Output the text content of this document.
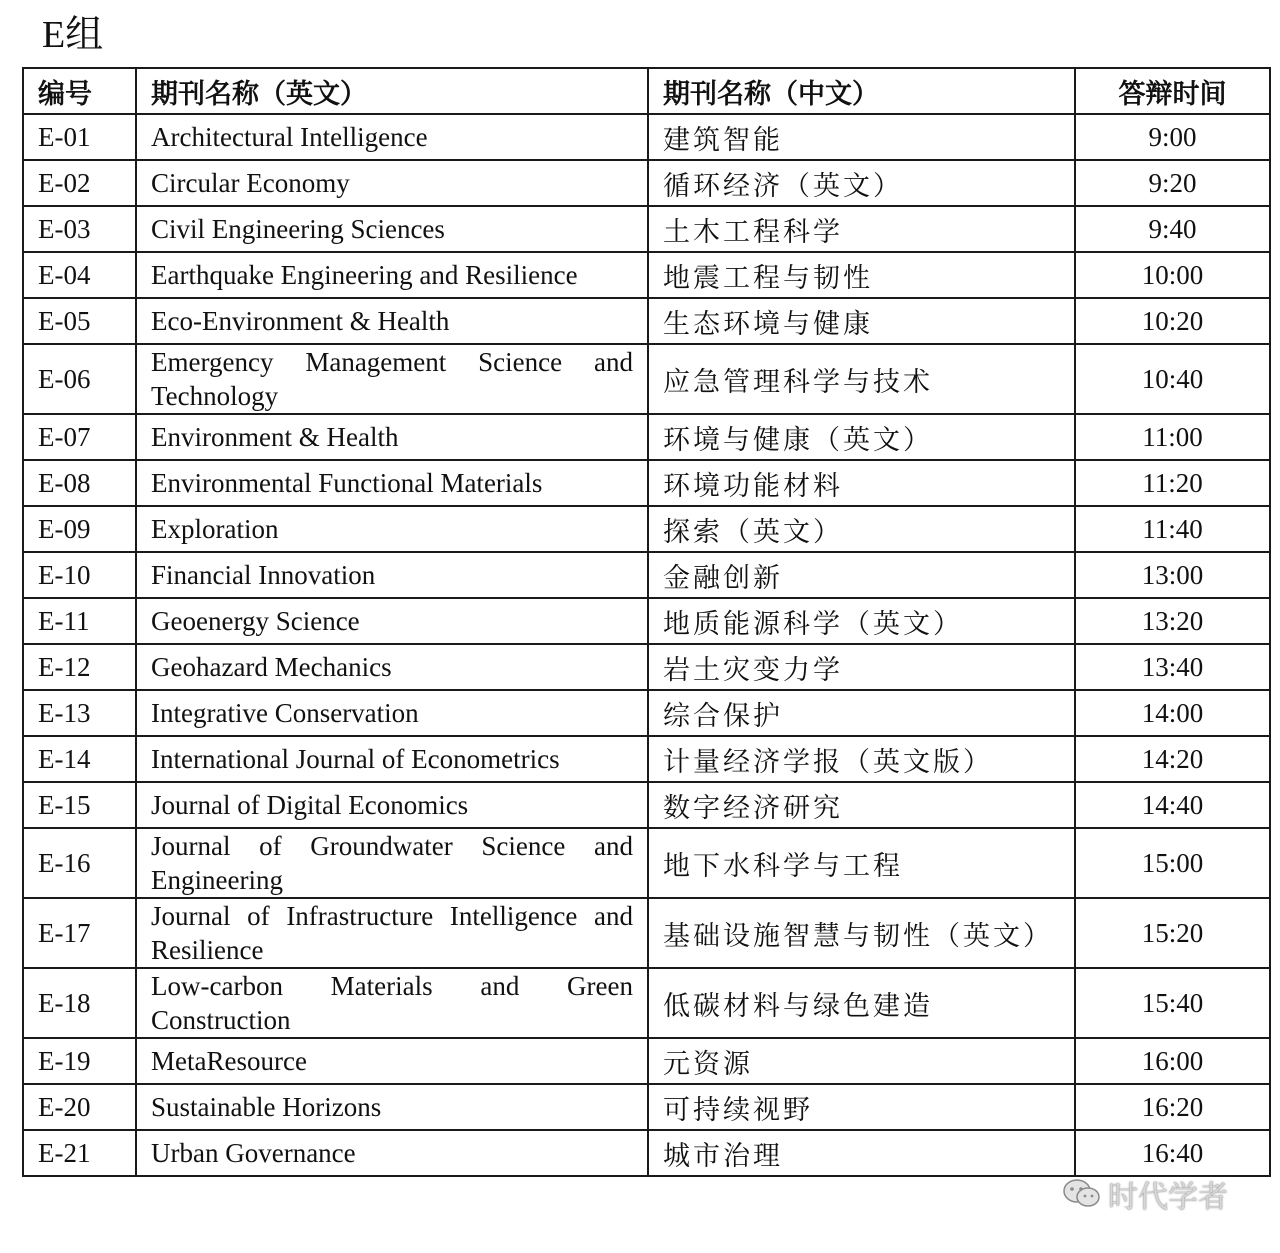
E组
编号	期刊名称（英文）	期刊名称（中文）	答辩时间
E-01	Architectural Intelligence	建筑智能	9:00
E-02	Circular Economy	循环经济（英文）	9:20
E-03	Civil Engineering Sciences	土木工程科学	9:40
E-04	Earthquake Engineering and Resilience	地震工程与韧性	10:00
E-05	Eco-Environment & Health	生态环境与健康	10:20
E-06	Emergency Management Science and Technology	应急管理科学与技术	10:40
E-07	Environment & Health	环境与健康（英文）	11:00
E-08	Environmental Functional Materials	环境功能材料	11:20
E-09	Exploration	探索（英文）	11:40
E-10	Financial Innovation	金融创新	13:00
E-11	Geoenergy Science	地质能源科学（英文）	13:20
E-12	Geohazard Mechanics	岩土灾变力学	13:40
E-13	Integrative Conservation	综合保护	14:00
E-14	International Journal of Econometrics	计量经济学报（英文版）	14:20
E-15	Journal of Digital Economics	数字经济研究	14:40
E-16	Journal of Groundwater Science and Engineering	地下水科学与工程	15:00
E-17	Journal of Infrastructure Intelligence and Resilience	基础设施智慧与韧性（英文）	15:20
E-18	Low-carbon Materials and Green Construction	低碳材料与绿色建造	15:40
E-19	MetaResource	元资源	16:00
E-20	Sustainable Horizons	可持续视野	16:20
E-21	Urban Governance	城市治理	16:40
时代学者
